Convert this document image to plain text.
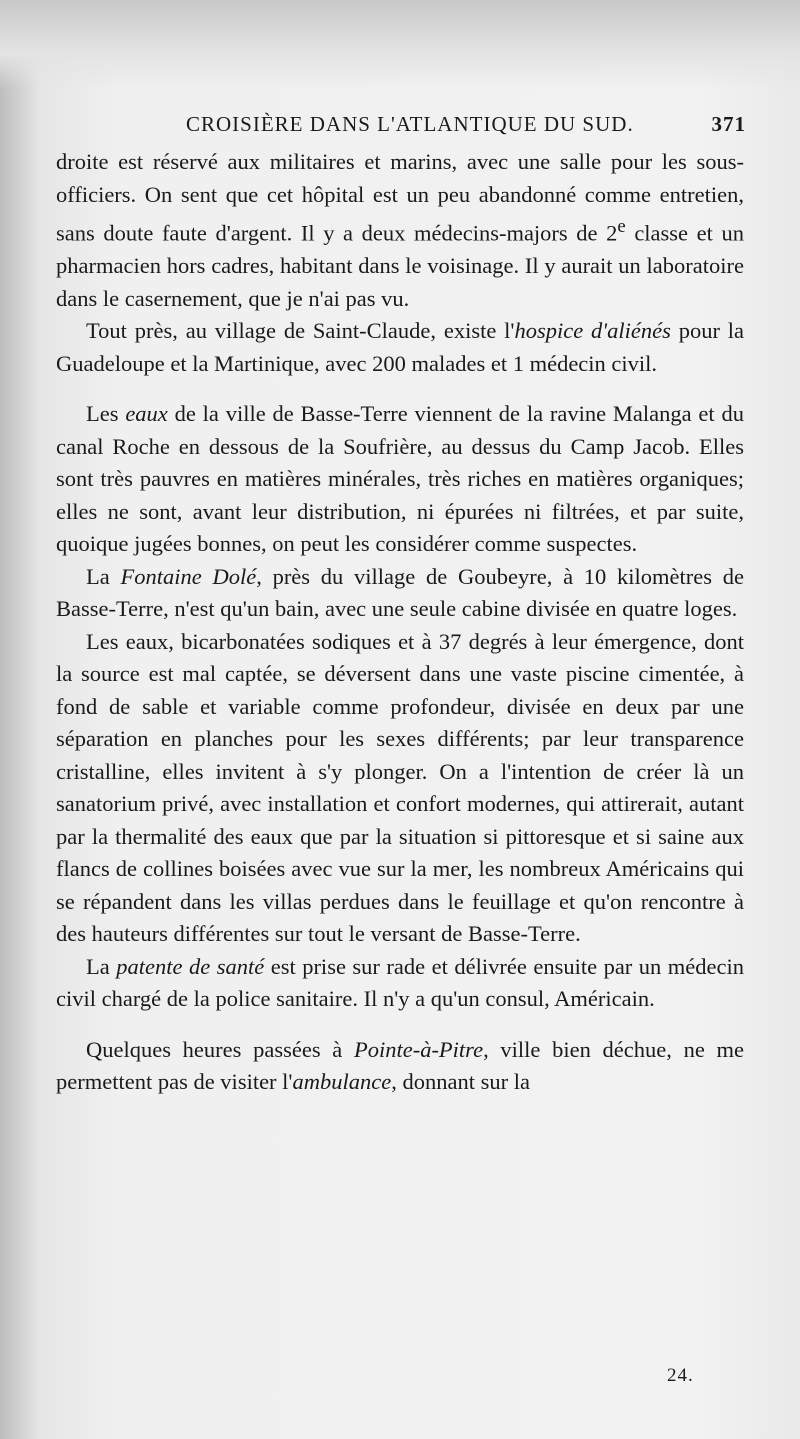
CROISIÈRE DANS L'ATLANTIQUE DU SUD.	371

droite est réservé aux militaires et marins, avec une salle pour les sous-officiers. On sent que cet hôpital est un peu abandonné comme entretien, sans doute faute d'argent. Il y a deux médecins-majors de 2e classe et un pharmacien hors cadres, habitant dans le voisinage. Il y aurait un laboratoire dans le casernement, que je n'ai pas vu.

Tout près, au village de Saint-Claude, existe l'hospice d'aliénés pour la Guadeloupe et la Martinique, avec 200 malades et 1 médecin civil.

Les eaux de la ville de Basse-Terre viennent de la ravine Malanga et du canal Roche en dessous de la Soufrière, au dessus du Camp Jacob. Elles sont très pauvres en matières minérales, très riches en matières organiques; elles ne sont, avant leur distribution, ni épurées ni filtrées, et par suite, quoique jugées bonnes, on peut les considérer comme suspectes.

La Fontaine Dolé, près du village de Goubeyre, à 10 kilomètres de Basse-Terre, n'est qu'un bain, avec une seule cabine divisée en quatre loges.

Les eaux, bicarbonatées sodiques et à 37 degrés à leur émergence, dont la source est mal captée, se déversent dans une vaste piscine cimentée, à fond de sable et variable comme profondeur, divisée en deux par une séparation en planches pour les sexes différents; par leur transparence cristalline, elles invitent à s'y plonger. On a l'intention de créer là un sanatorium privé, avec installation et confort modernes, qui attirerait, autant par la thermalité des eaux que par la situation si pittoresque et si saine aux flancs de collines boisées avec vue sur la mer, les nombreux Américains qui se répandent dans les villas perdues dans le feuillage et qu'on rencontre à des hauteurs différentes sur tout le versant de Basse-Terre.

La patente de santé est prise sur rade et délivrée ensuite par un médecin civil chargé de la police sanitaire. Il n'y a qu'un consul, Américain.

Quelques heures passées à Pointe-à-Pitre, ville bien déchue, ne me permettent pas de visiter l'ambulance, donnant sur la

24.
